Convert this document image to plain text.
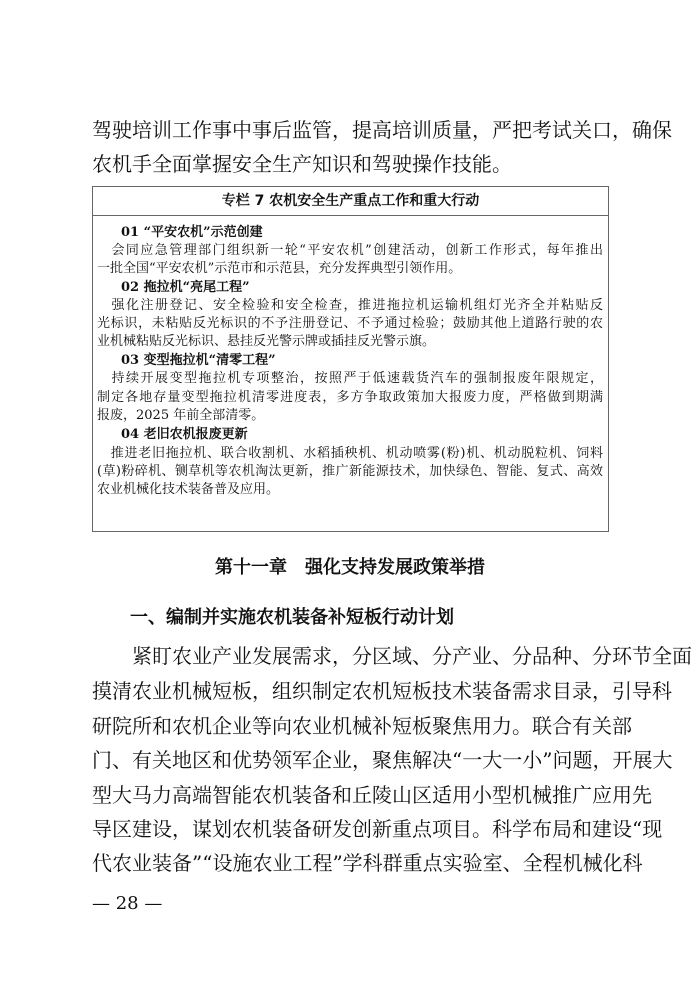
驾驶培训工作事中事后监管，提高培训质量，严把考试关口，确保
农机手全面掌握安全生产知识和驾驶操作技能。
专栏 7 农机安全生产重点工作和重大行动
01 “平安农机”示范创建
　会同应急管理部门组织新一轮“平安农机”创建活动，创新工作形式，每年推出
一批全国“平安农机”示范市和示范县，充分发挥典型引领作用。
02 拖拉机“亮尾工程”
　强化注册登记、安全检验和安全检查，推进拖拉机运输机组灯光齐全并粘贴反
光标识，未粘贴反光标识的不予注册登记、不予通过检验；鼓励其他上道路行驶的农
业机械粘贴反光标识、悬挂反光警示牌或插挂反光警示旗。
03 变型拖拉机“清零工程”
　持续开展变型拖拉机专项整治，按照严于低速载货汽车的强制报废年限规定，
制定各地存量变型拖拉机清零进度表，多方争取政策加大报废力度，严格做到期满
报废，2025 年前全部清零。
04 老旧农机报废更新
　推进老旧拖拉机、联合收割机、水稻插秧机、机动喷雾(粉)机、机动脱粒机、饲料
(草)粉碎机、铡草机等农机淘汰更新，推广新能源技术，加快绿色、智能、复式、高效
农业机械化技术装备普及应用。
第十一章　强化支持发展政策举措
一、编制并实施农机装备补短板行动计划
　　紧盯农业产业发展需求，分区域、分产业、分品种、分环节全面
摸清农业机械短板，组织制定农机短板技术装备需求目录，引导科
研院所和农机企业等向农业机械补短板聚焦用力。联合有关部
门、有关地区和优势领军企业，聚焦解决“一大一小”问题，开展大
型大马力高端智能农机装备和丘陵山区适用小型机械推广应用先
导区建设，谋划农机装备研发创新重点项目。科学布局和建设“现
代农业装备”“设施农业工程”学科群重点实验室、全程机械化科
— 28 —
